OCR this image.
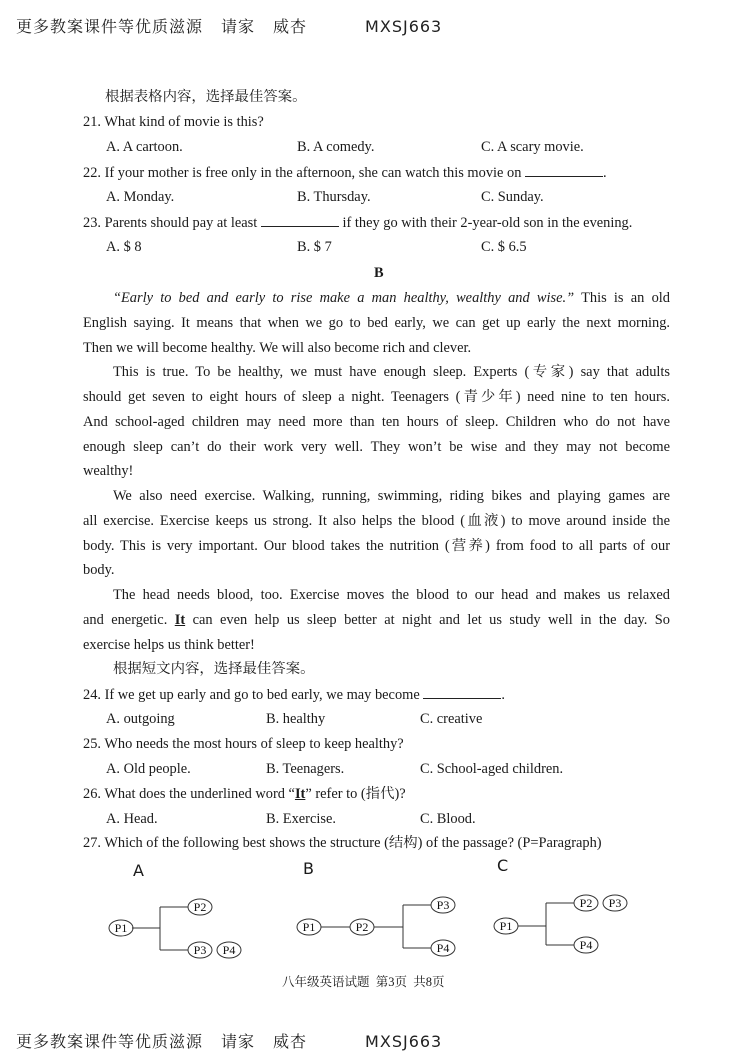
更多教案课件等优质滋源 请家 威杏	MXSJ663
根据表格内容，选择最佳答案。
21. What kind of movie is this?
A. A cartoon.	B. A comedy.	C. A scary movie.
22. If your mother is free only in the afternoon, she can watch this movie on	.
A. Monday.	B. Thursday.	C. Sunday.
23. Parents should pay at least	if they go with their 2-year-old son in the evening.
A. $ 8	B. $ 7	C. $ 6.5
B
“Early to bed and early to rise make a man healthy, wealthy and wise.” This is an old
English saying. It means that when we go to bed early, we can get up early the next morning.
Then we will become healthy. We will also become rich and clever.
This is true. To be healthy, we must have enough sleep. Experts (专家) say that adults
should get seven to eight hours of sleep a night. Teenagers (青少年) need nine to ten hours.
And school-aged children may need more than ten hours of sleep. Children who do not have
enough sleep can’t do their work very well. They won’t be wise and they may not become
wealthy!
We also need exercise. Walking, running, swimming, riding bikes and playing games are
all exercise. Exercise keeps us strong. It also helps the blood (血液) to move around inside the
body. This is very important. Our blood takes the nutrition (营养) from food to all parts of our
body.
The head needs blood, too. Exercise moves the blood to our head and makes us relaxed
and energetic. It can even help us sleep better at night and let us study well in the day. So
exercise helps us think better!
根据短文内容，选择最佳答案。
24. If we get up early and go to bed early, we may become	.
A. outgoing	B. healthy	C. creative
25. Who needs the most hours of sleep to keep healthy?
A. Old people.	B. Teenagers.	C. School-aged children.
26. What does the underlined word “It” refer to (指代)?
A. Head.	B. Exercise.	C. Blood.
27. Which of the following best shows the structure (结构) of the passage? (P=Paragraph)
A	B	C
P1
P2
P3 P4
P1	P2
P3
P4
P1
P2 P3
P4
八年级英语试题  第3页  共8页
更多教案课件等优质滋源 请家 威杏	MXSJ663
